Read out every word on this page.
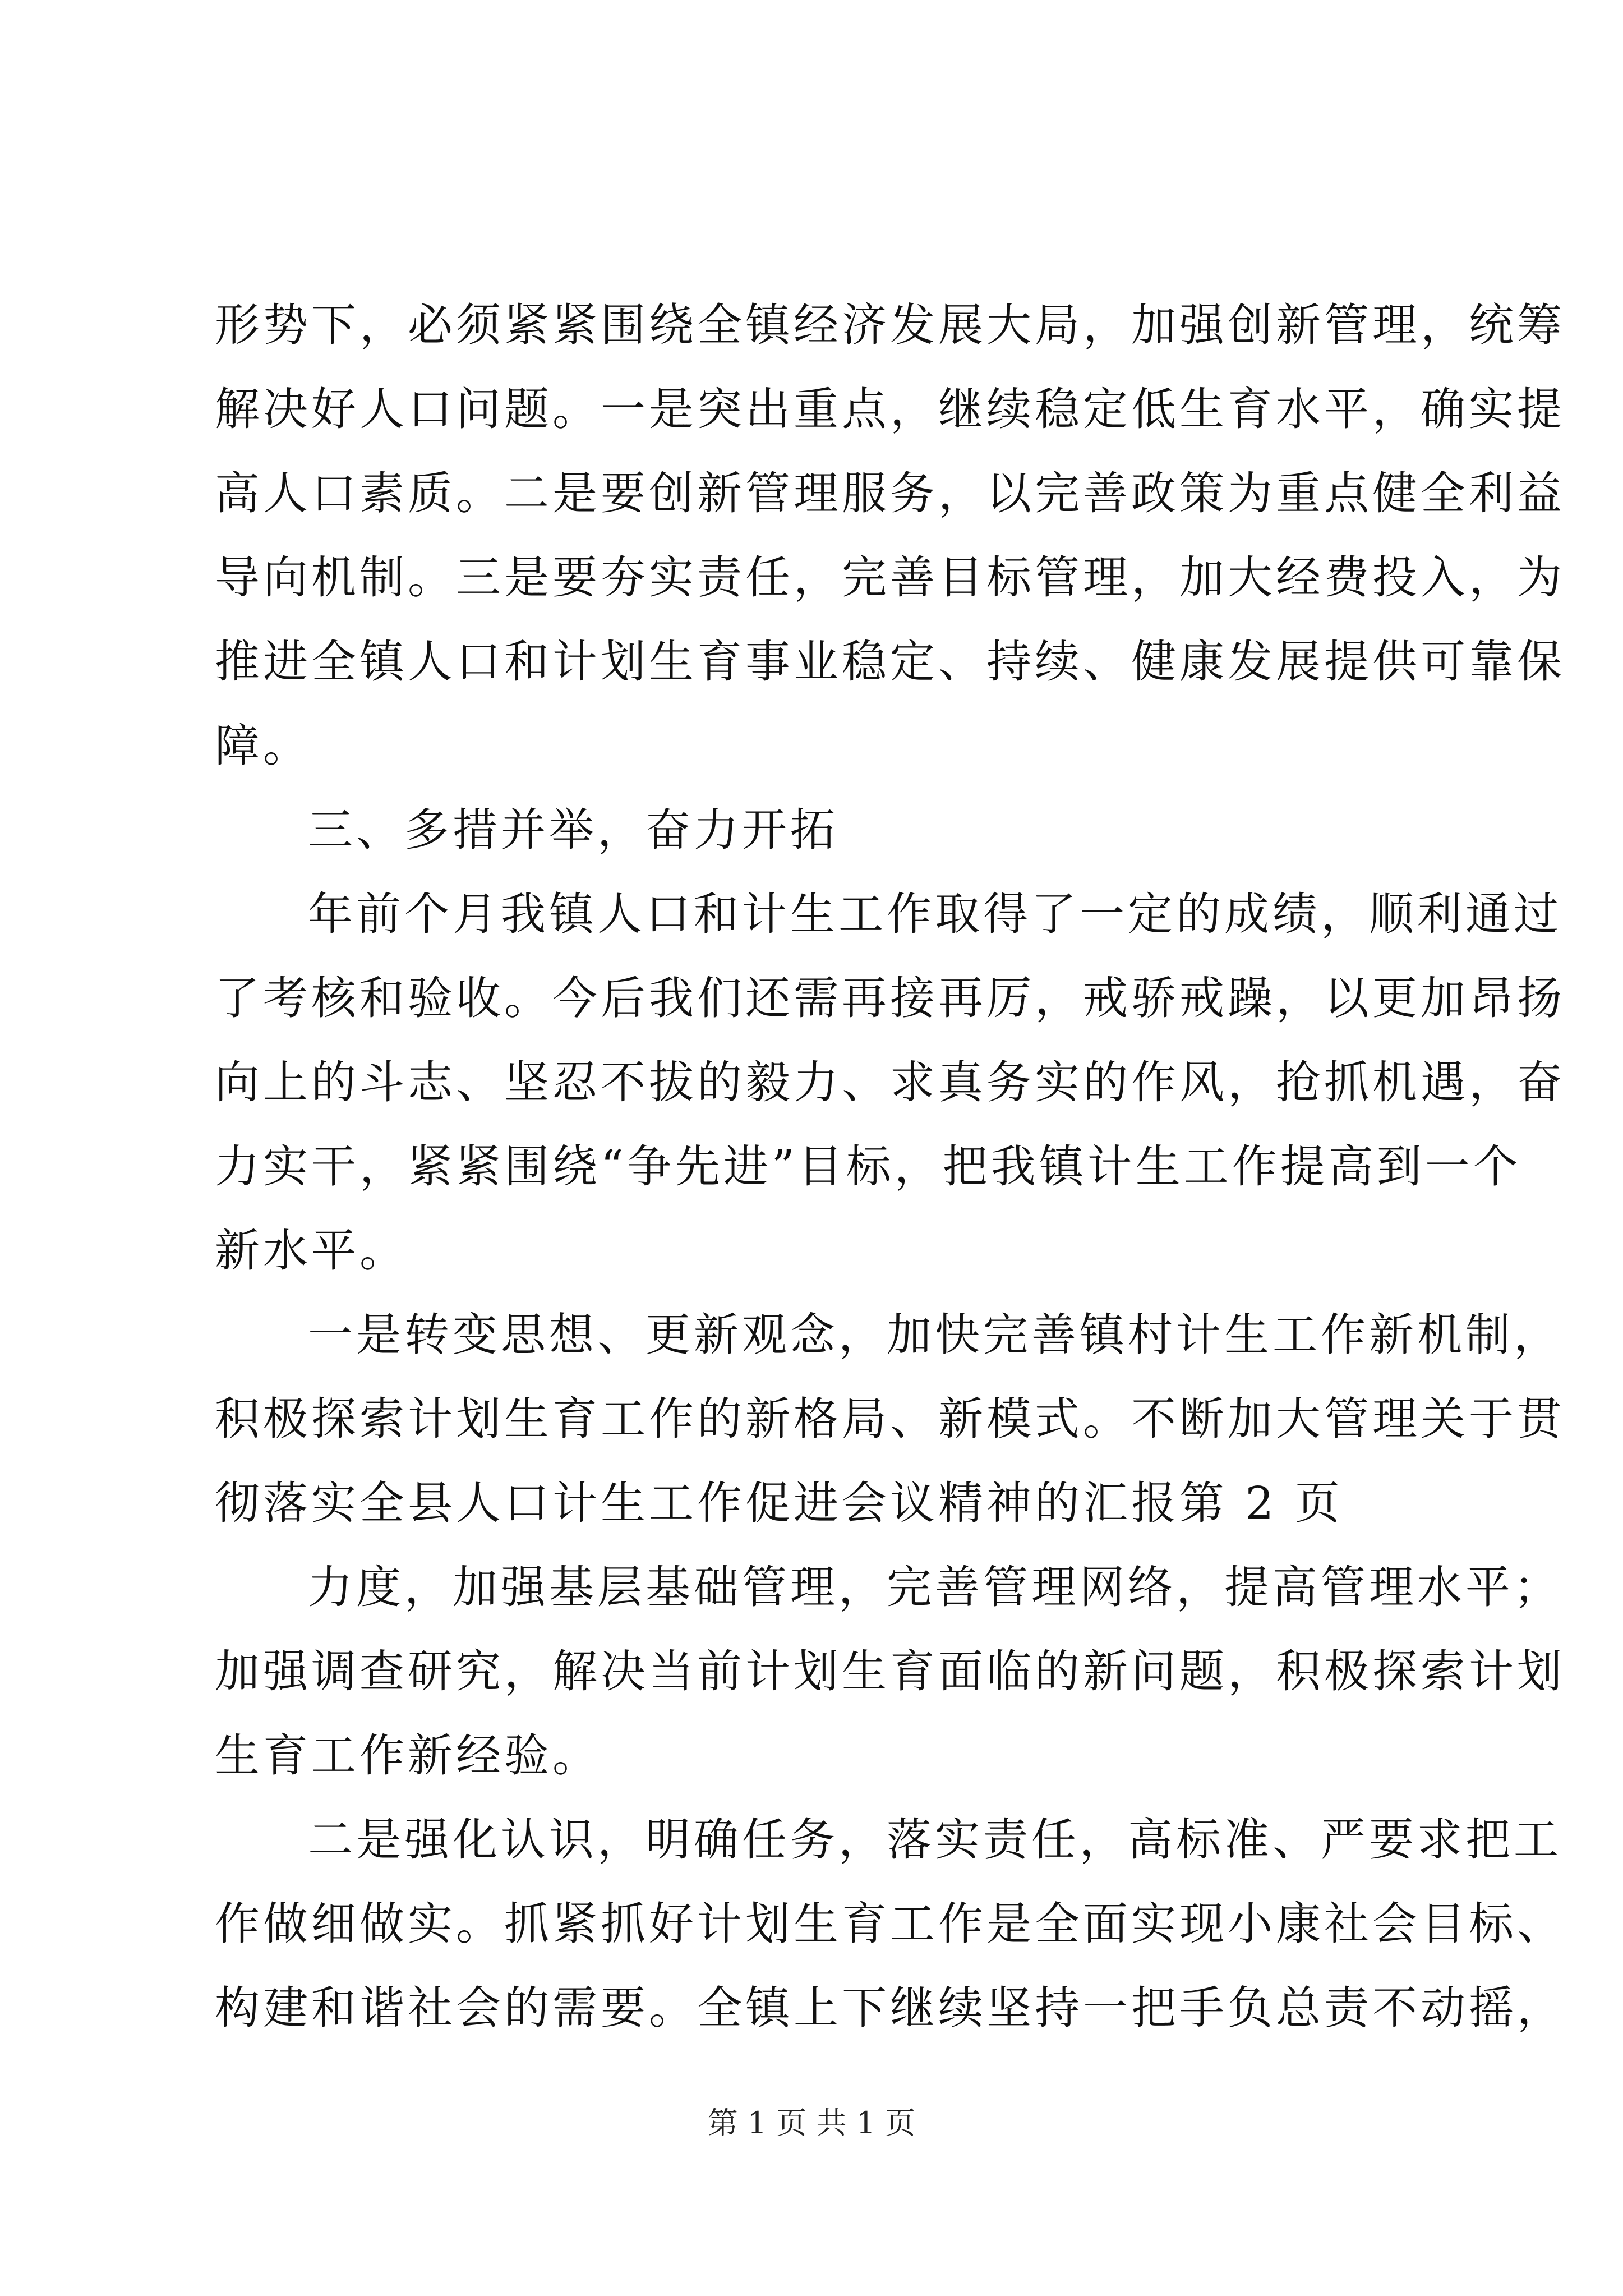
形势下，必须紧紧围绕全镇经济发展大局，加强创新管理，统筹
解决好人口问题。一是突出重点，继续稳定低生育水平，确实提
高人口素质。二是要创新管理服务，以完善政策为重点健全利益
导向机制。三是要夯实责任，完善目标管理，加大经费投入，为
推进全镇人口和计划生育事业稳定、持续、健康发展提供可靠保
障。
三、多措并举，奋力开拓
年前个月我镇人口和计生工作取得了一定的成绩，顺利通过
了考核和验收。今后我们还需再接再厉，戒骄戒躁，以更加昂扬
向上的斗志、坚忍不拔的毅力、求真务实的作风，抢抓机遇，奋
力实干，紧紧围绕“争先进”目标，把我镇计生工作提高到一个
新水平。
一是转变思想、更新观念，加快完善镇村计生工作新机制，
积极探索计划生育工作的新格局、新模式。不断加大管理关于贯
彻落实全县人口计生工作促进会议精神的汇报第 2 页
力度，加强基层基础管理，完善管理网络，提高管理水平；
加强调查研究，解决当前计划生育面临的新问题，积极探索计划
生育工作新经验。
二是强化认识，明确任务，落实责任，高标准、严要求把工
作做细做实。抓紧抓好计划生育工作是全面实现小康社会目标、
构建和谐社会的需要。全镇上下继续坚持一把手负总责不动摇，
第 1 页 共 1 页
